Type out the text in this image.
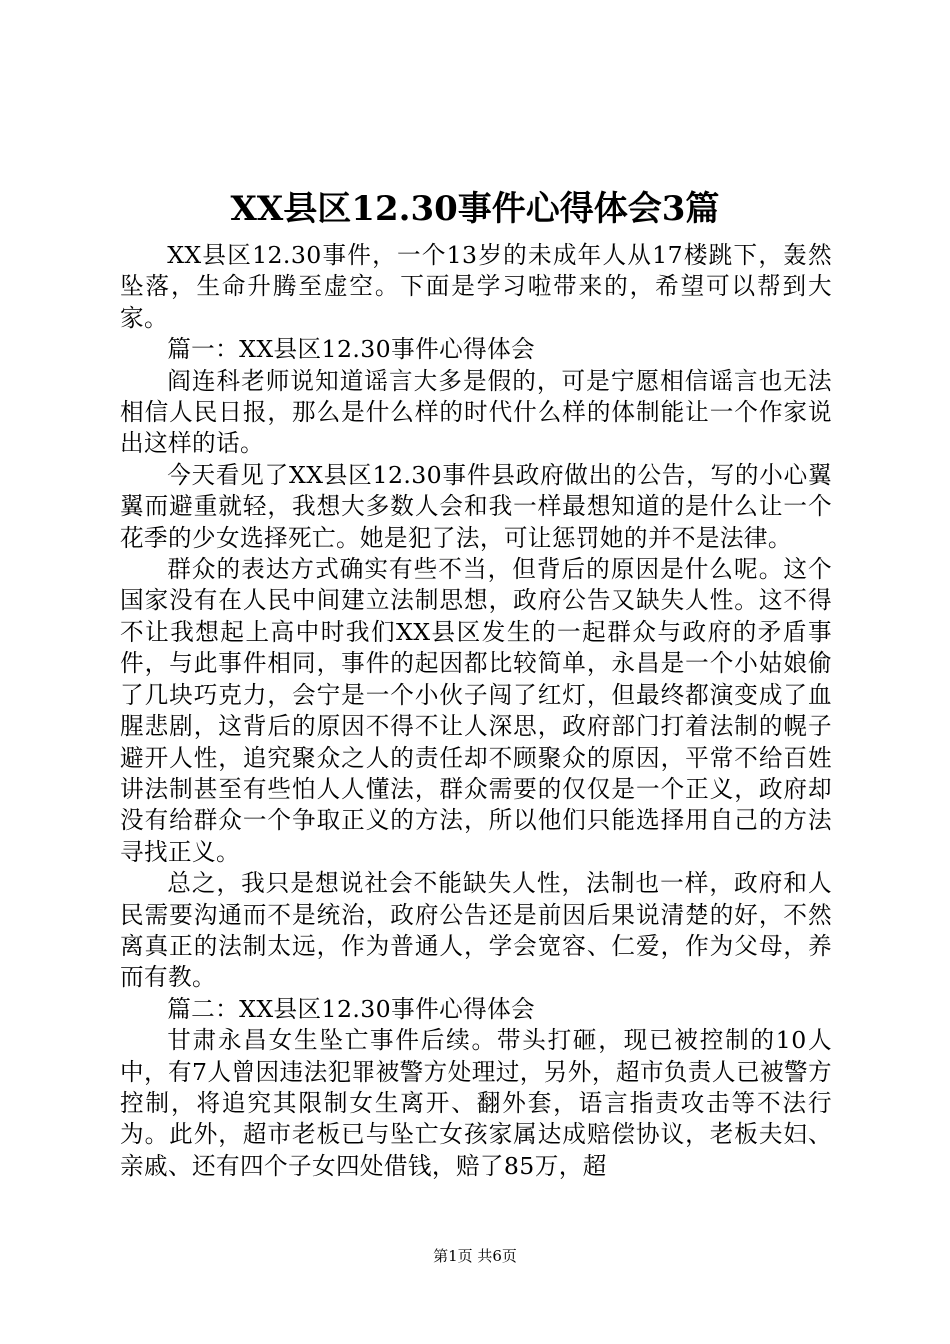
XX县区12.30事件心得体会3篇

XX县区12.30事件，一个13岁的未成年人从17楼跳下，轰然坠落，生命升腾至虚空。下面是学习啦带来的，希望可以帮到大家。

篇一：XX县区12.30事件心得体会

阎连科老师说知道谣言大多是假的，可是宁愿相信谣言也无法相信人民日报，那么是什么样的时代什么样的体制能让一个作家说出这样的话。

今天看见了XX县区12.30事件县政府做出的公告，写的小心翼翼而避重就轻，我想大多数人会和我一样最想知道的是什么让一个花季的少女选择死亡。她是犯了法，可让惩罚她的并不是法律。

群众的表达方式确实有些不当，但背后的原因是什么呢。这个国家没有在人民中间建立法制思想，政府公告又缺失人性。这不得不让我想起上高中时我们XX县区发生的一起群众与政府的矛盾事件，与此事件相同，事件的起因都比较简单，永昌是一个小姑娘偷了几块巧克力，会宁是一个小伙子闯了红灯，但最终都演变成了血腥悲剧，这背后的原因不得不让人深思，政府部门打着法制的幌子避开人性，追究聚众之人的责任却不顾聚众的原因，平常不给百姓讲法制甚至有些怕人人懂法，群众需要的仅仅是一个正义，政府却没有给群众一个争取正义的方法，所以他们只能选择用自己的方法寻找正义。

总之，我只是想说社会不能缺失人性，法制也一样，政府和人民需要沟通而不是统治，政府公告还是前因后果说清楚的好，不然离真正的法制太远，作为普通人，学会宽容、仁爱，作为父母，养而有教。

篇二：XX县区12.30事件心得体会

甘肃永昌女生坠亡事件后续。带头打砸，现已被控制的10人中，有7人曾因违法犯罪被警方处理过，另外，超市负责人已被警方控制，将追究其限制女生离开、翻外套，语言指责攻击等不法行为。此外，超市老板已与坠亡女孩家属达成赔偿协议，老板夫妇、亲戚、还有四个子女四处借钱，赔了85万，超

第1页 共6页
